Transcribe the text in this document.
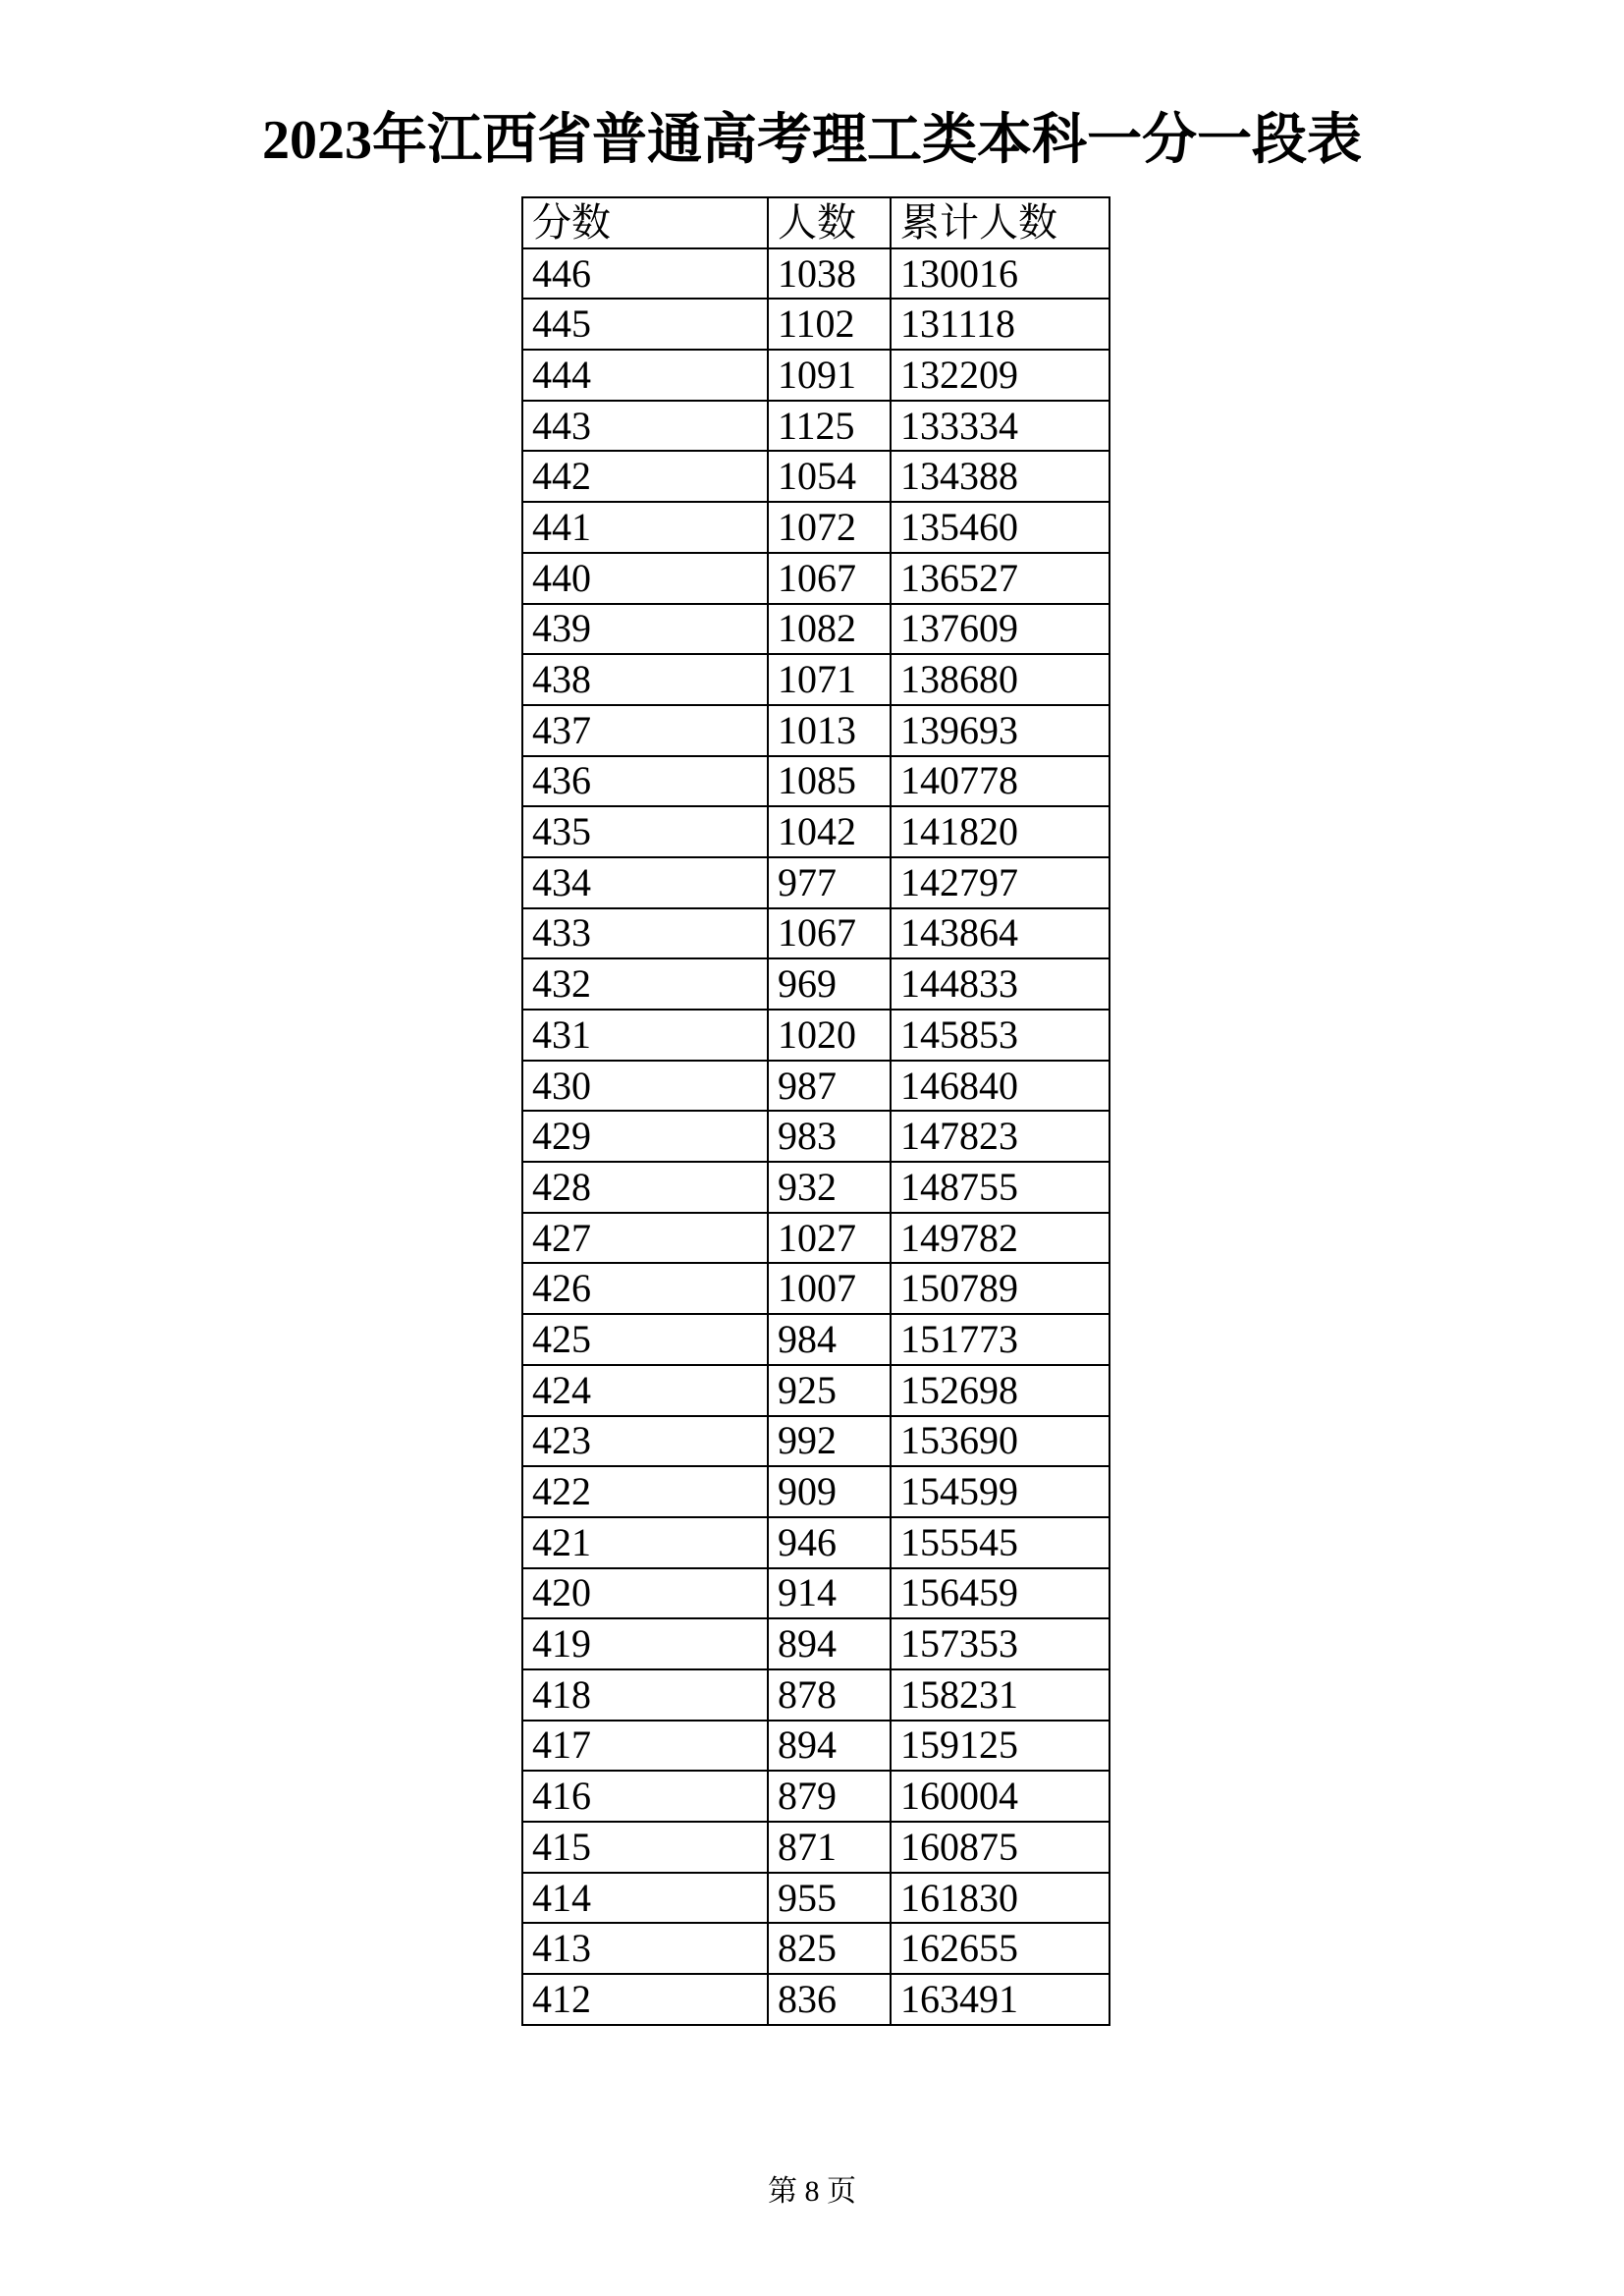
2023年江西省普通高考理工类本科一分一段表
分数	人数	累计人数
446	1038	130016
445	1102	131118
444	1091	132209
443	1125	133334
442	1054	134388
441	1072	135460
440	1067	136527
439	1082	137609
438	1071	138680
437	1013	139693
436	1085	140778
435	1042	141820
434	977	142797
433	1067	143864
432	969	144833
431	1020	145853
430	987	146840
429	983	147823
428	932	148755
427	1027	149782
426	1007	150789
425	984	151773
424	925	152698
423	992	153690
422	909	154599
421	946	155545
420	914	156459
419	894	157353
418	878	158231
417	894	159125
416	879	160004
415	871	160875
414	955	161830
413	825	162655
412	836	163491
第 8 页
